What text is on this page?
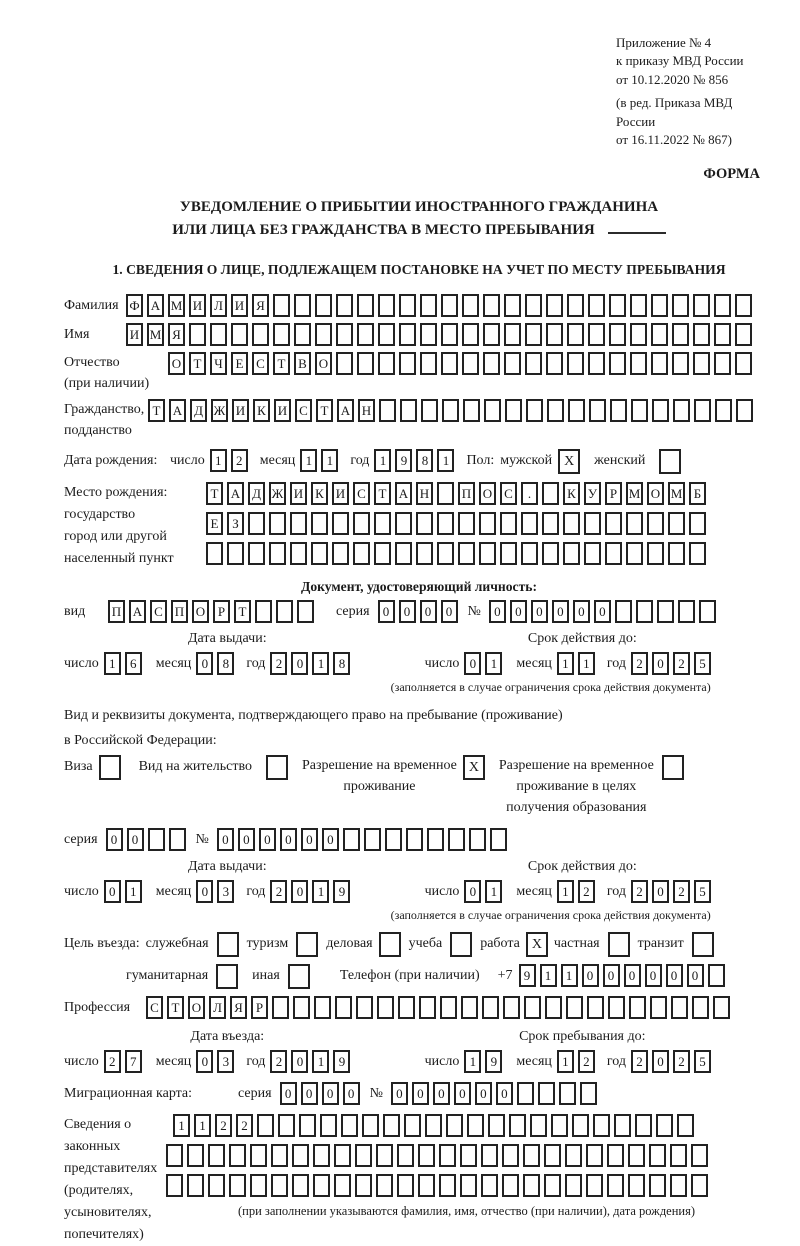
Приложение № 4
к приказу МВД России
от 10.12.2020 № 856
(в ред. Приказа МВД России
от 16.11.2022 № 867)
ФОРМА
УВЕДОМЛЕНИЕ О ПРИБЫТИИ ИНОСТРАННОГО ГРАЖДАНИНА
ИЛИ ЛИЦА БЕЗ ГРАЖДАНСТВА В МЕСТО ПРЕБЫВАНИЯ
1. СВЕДЕНИЯ О ЛИЦЕ, ПОДЛЕЖАЩЕМ ПОСТАНОВКЕ НА УЧЕТ ПО МЕСТУ ПРЕБЫВАНИЯ
Фамилия Ф А М И Л И Я
Имя	И М Я
Отчество
(при наличии)
О Т Ч Е С Т В О
Гражданство,
подданство
Т А Д Ж И К И С Т А Н
Дата рождения: число 1 2	месяц 1 1	год 1 9 8 1	Пол: мужской X	женский
Место рождения:
государство
город или другой
населенный пункт
Т А Д Ж И К И С Т А Н	П О С .	К У Р М О М Б
Е З
Документ, удостоверяющий личность:
вид	П А С П О Р Т	серия	0 0 0 0	№	0 0 0 0 0 0
Дата выдачи:
число 1 6	месяц 0 8	год 2 0 1 8
Срок действия до:
число 0 1	месяц 1 1	год 2 0 2 5
(заполняется в случае ограничения срока действия документа)
Вид и реквизиты документа, подтверждающего право на пребывание (проживание)
в Российской Федерации:
Виза	Вид на жительство	Разрешение на временное
проживание
X	Разрешение на временное
проживание в целях
получения образования
серия	0 0	№	0 0 0 0 0 0
Дата выдачи:
число 0 1	месяц 0 3	год 2 0 1 9
Срок действия до:
число 0 1	месяц 1 2	год 2 0 2 5
(заполняется в случае ограничения срока действия документа)
Цель въезда: служебная	туризм	деловая	учеба	работа X частная	транзит
гуманитарная	иная	Телефон (при наличии) +7 9 1 1 0 0 0 0 0 0
Профессия	С Т О Л Я Р
Дата въезда:
число 2 7	месяц 0 3	год 2 0 1 9
Срок пребывания до:
число 1 9	месяц 1 2	год 2 0 2 5
Миграционная карта:	серия	0 0 0 0	№	0 0 0 0 0 0
Сведения о
законных
представителях
(родителях,
усыновителях,
попечителях)
1 1 2 2
(при заполнении указываются фамилия, имя, отчество (при наличии), дата рождения)
